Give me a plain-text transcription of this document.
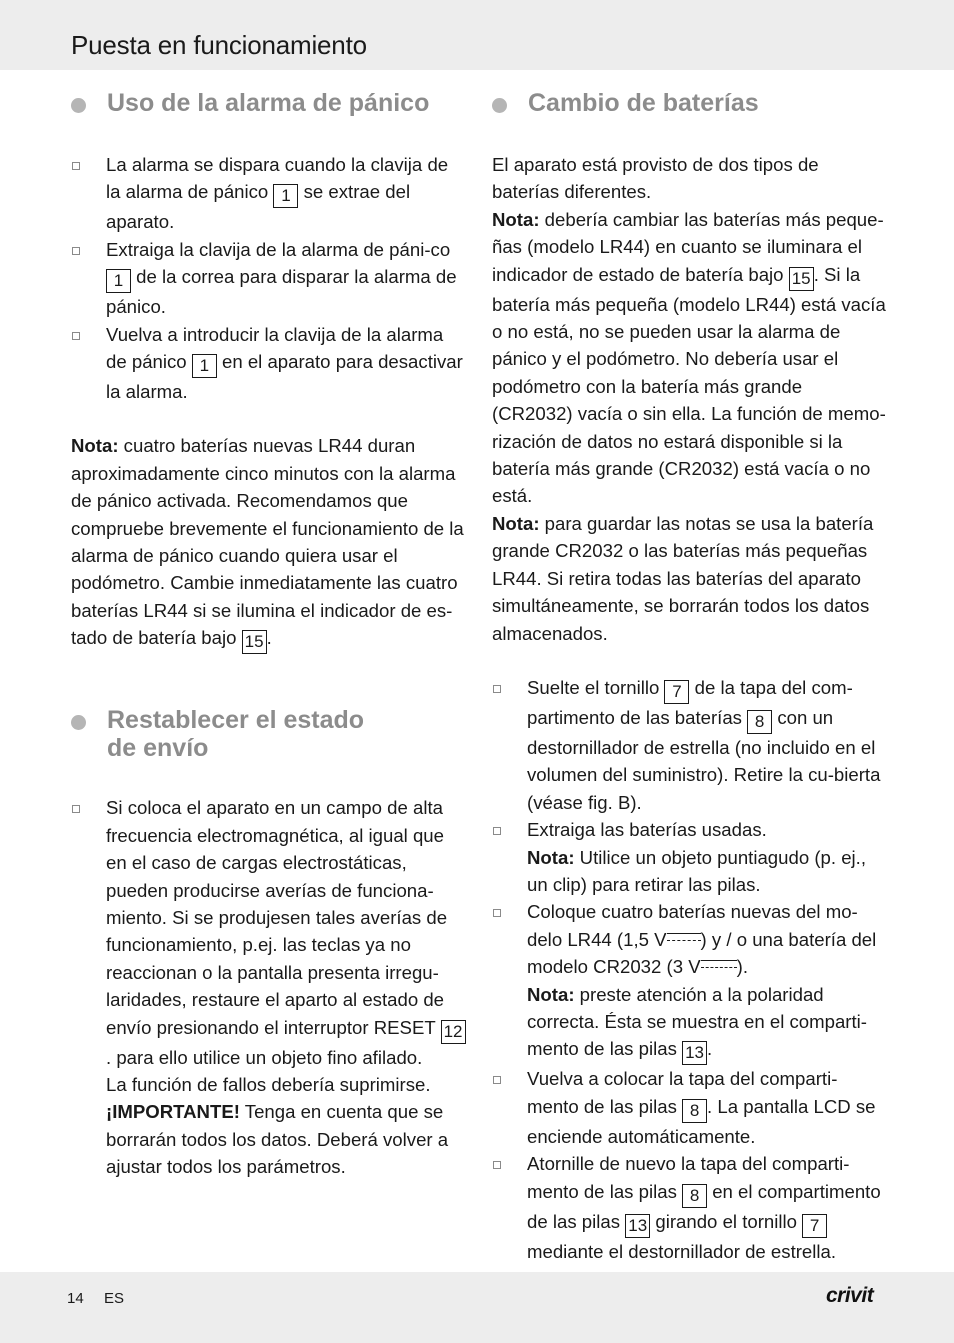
Puesta en funcionamiento
Uso de la alarma de pánico
La alarma se dispara cuando la clavija de la alarma de pánico 1 se extrae del aparato.
Extraiga la clavija de la alarma de páni-co 1 de la correa para disparar la alarma de pánico.
Vuelva a introducir la clavija de la alarma de pánico 1 en el aparato para desactivar la alarma.

Nota: cuatro baterías nuevas LR44 duran aproximadamente cinco minutos con la alarma de pánico activada. Recomendamos que compruebe brevemente el funcionamiento de la alarma de pánico cuando quiera usar el podómetro. Cambie inmediatamente las cuatro baterías LR44 si se ilumina el indicador de es-tado de batería bajo 15 .

Restablecer el estado
de envío
Si coloca el aparato en un campo de alta frecuencia electromagnética, al igual que en el caso de cargas electrostáticas, pueden producirse averías de funciona-miento. Si se produjesen tales averías de funcionamiento, p.ej. las teclas ya no reaccionan o la pantalla presenta irregu-laridades, restaure el aparto al estado de envío presionando el interruptor RESET 12. para ello utilice un objeto fino afilado.
La función de fallos debería suprimirse.
¡IMPORTANTE! Tenga en cuenta que se borrarán todos los datos. Deberá volver a ajustar todos los parámetros.
Cambio de baterías

El aparato está provisto de dos tipos de baterías diferentes.

Nota: debería cambiar las baterías más peque-ñas (modelo LR44) en cuanto se iluminara el indicador de estado de batería bajo 15 . Si la batería más pequeña (modelo LR44) está vacía o no está, no se pueden usar la alarma de pánico y el podómetro. No debería usar el podómetro con la batería más grande (CR2032) vacía o sin ella. La función de memo-rización de datos no estará disponible si la batería más grande (CR2032) está vacía o no está.

Nota: para guardar las notas se usa la batería grande CR2032 o las baterías más pequeñas LR44. Si retira todas las baterías del aparato simultáneamente, se borrarán todos los datos almacenados.

Suelte el tornillo 7 de la tapa del com-partimento de las baterías 8 con un destornillador de estrella (no incluido en el volumen del suministro). Retire la cu-bierta (véase fig. B).
Extraiga las baterías usadas.
Nota: Utilice un objeto puntiagudo (p. ej., un clip) para retirar las pilas.
Coloque cuatro baterías nuevas del mo-delo LR44 (1,5 V ) y / o una batería del modelo CR2032 (3 V ).
Nota: preste atención a la polaridad correcta. Ésta se muestra en el comparti-mento de las pilas 13 .
Vuelva a colocar la tapa del comparti-mento de las pilas 8 . La pantalla LCD se enciende automáticamente.
Atornille de nuevo la tapa del comparti-mento de las pilas 8 en el compartimento de las pilas 13 girando el tornillo 7 mediante el destornillador de estrella.
14 ES	crivit
